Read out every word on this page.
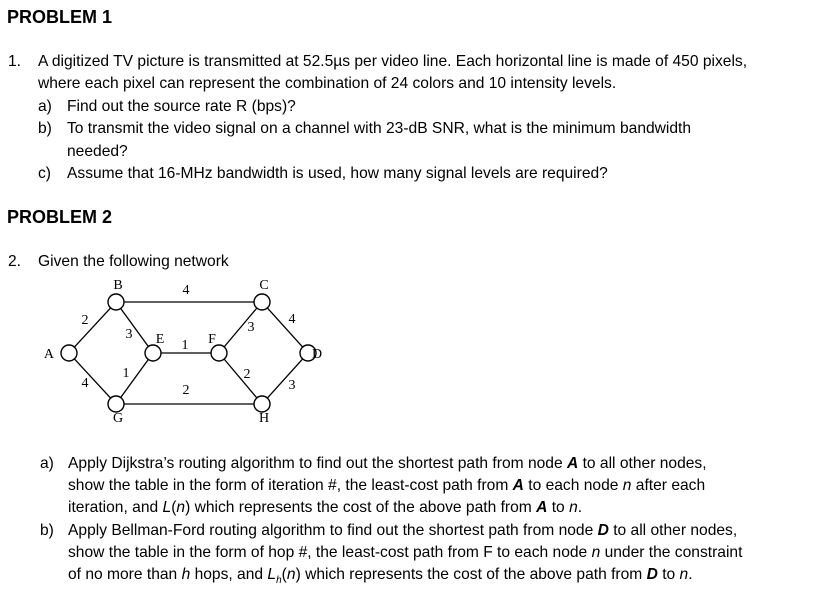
PROBLEM 1
1. A digitized TV picture is transmitted at 52.5µs per video line. Each horizontal line is made of 450 pixels,
where each pixel can represent the combination of 24 colors and 10 intensity levels.
a) Find out the source rate R (bps)?
b) To transmit the video signal on a channel with 23-dB SNR, what is the minimum bandwidth
needed?
c) Assume that 16-MHz bandwidth is used, how many signal levels are required?
PROBLEM 2
2. Given the following network
2
4
4
3
1
1
2
3
2
4
3
A
B	C
D
E	F
G	H
a) Apply Dijkstra’s routing algorithm to find out the shortest path from node A to all other nodes,
show the table in the form of iteration #, the least-cost path from A to each node n after each
iteration, and L(n) which represents the cost of the above path from A to n.
b) Apply Bellman-Ford routing algorithm to find out the shortest path from node D to all other nodes,
show the table in the form of hop #, the least-cost path from F to each node n under the constraint
of no more than h hops, and $L_h(n)$ which represents the cost of the above path from D to n.
